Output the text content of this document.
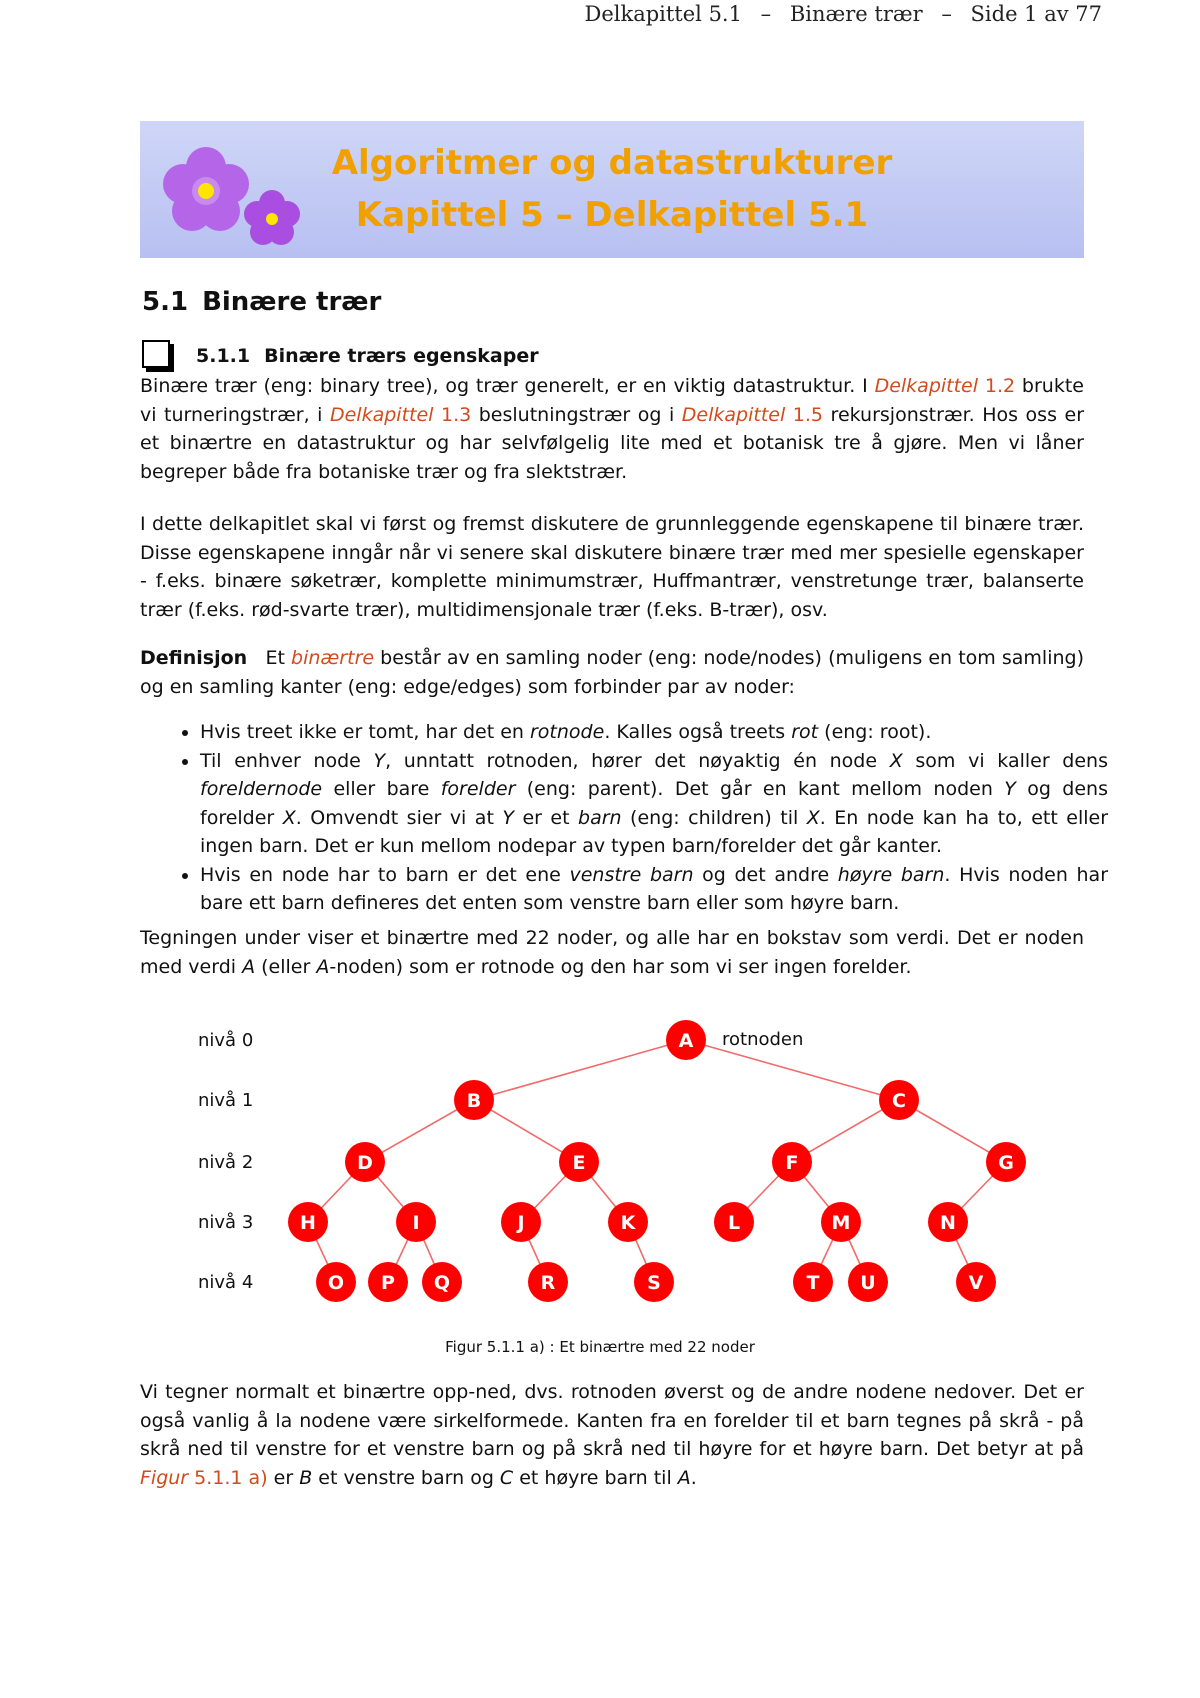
Delkapittel 5.1 – Binære trær – Side 1 av 77
Algoritmer og datastrukturer
Kapittel 5 – Delkapittel 5.1
5.1 Binære trær
5.1.1 Binære trærs egenskaper
Binære trær (eng: binary tree), og trær generelt, er en viktig datastruktur. I Delkapittel 1.2 brukte vi turneringstrær, i Delkapittel 1.3 beslutningstrær og i Delkapittel 1.5 rekursjonstrær. Hos oss er et binærtre en datastruktur og har selvfølgelig lite med et botanisk tre å gjøre. Men vi låner begreper både fra botaniske trær og fra slektstrær.
I dette delkapitlet skal vi først og fremst diskutere de grunnleggende egenskapene til binære trær. Disse egenskapene inngår når vi senere skal diskutere binære trær med mer spesielle egenskaper - f.eks. binære søketrær, komplette minimumstrær, Huffmantrær, venstretunge trær, balanserte trær (f.eks. rød-svarte trær), multidimensjonale trær (f.eks. B-trær), osv.
Definisjon Et binærtre består av en samling noder (eng: node/nodes) (muligens en tom samling) og en samling kanter (eng: edge/edges) som forbinder par av noder:
• Hvis treet ikke er tomt, har det en rotnode. Kalles også treets rot (eng: root).
• Til enhver node Y, unntatt rotnoden, hører det nøyaktig én node X som vi kaller dens foreldernode eller bare forelder (eng: parent). Det går en kant mellom noden Y og dens forelder X. Omvendt sier vi at Y er et barn (eng: children) til X. En node kan ha to, ett eller ingen barn. Det er kun mellom nodepar av typen barn/forelder det går kanter.
• Hvis en node har to barn er det ene venstre barn og det andre høyre barn. Hvis noden har bare ett barn defineres det enten som venstre barn eller som høyre barn.
Tegningen under viser et binærtre med 22 noder, og alle har en bokstav som verdi. Det er noden med verdi A (eller A-noden) som er rotnode og den har som vi ser ingen forelder.
nivå 0
nivå 1
nivå 2
nivå 3
nivå 4
A
B	C
D	E	F	G
H	I	J	K	L	M	N
O P Q	R	S	T U	V
rotnoden
Figur 5.1.1 a) : Et binærtre med 22 noder
Vi tegner normalt et binærtre opp-ned, dvs. rotnoden øverst og de andre nodene nedover. Det er også vanlig å la nodene være sirkelformede. Kanten fra en forelder til et barn tegnes på skrå - på skrå ned til venstre for et venstre barn og på skrå ned til høyre for et høyre barn. Det betyr at på Figur 5.1.1 a) er B et venstre barn og C et høyre barn til A.
